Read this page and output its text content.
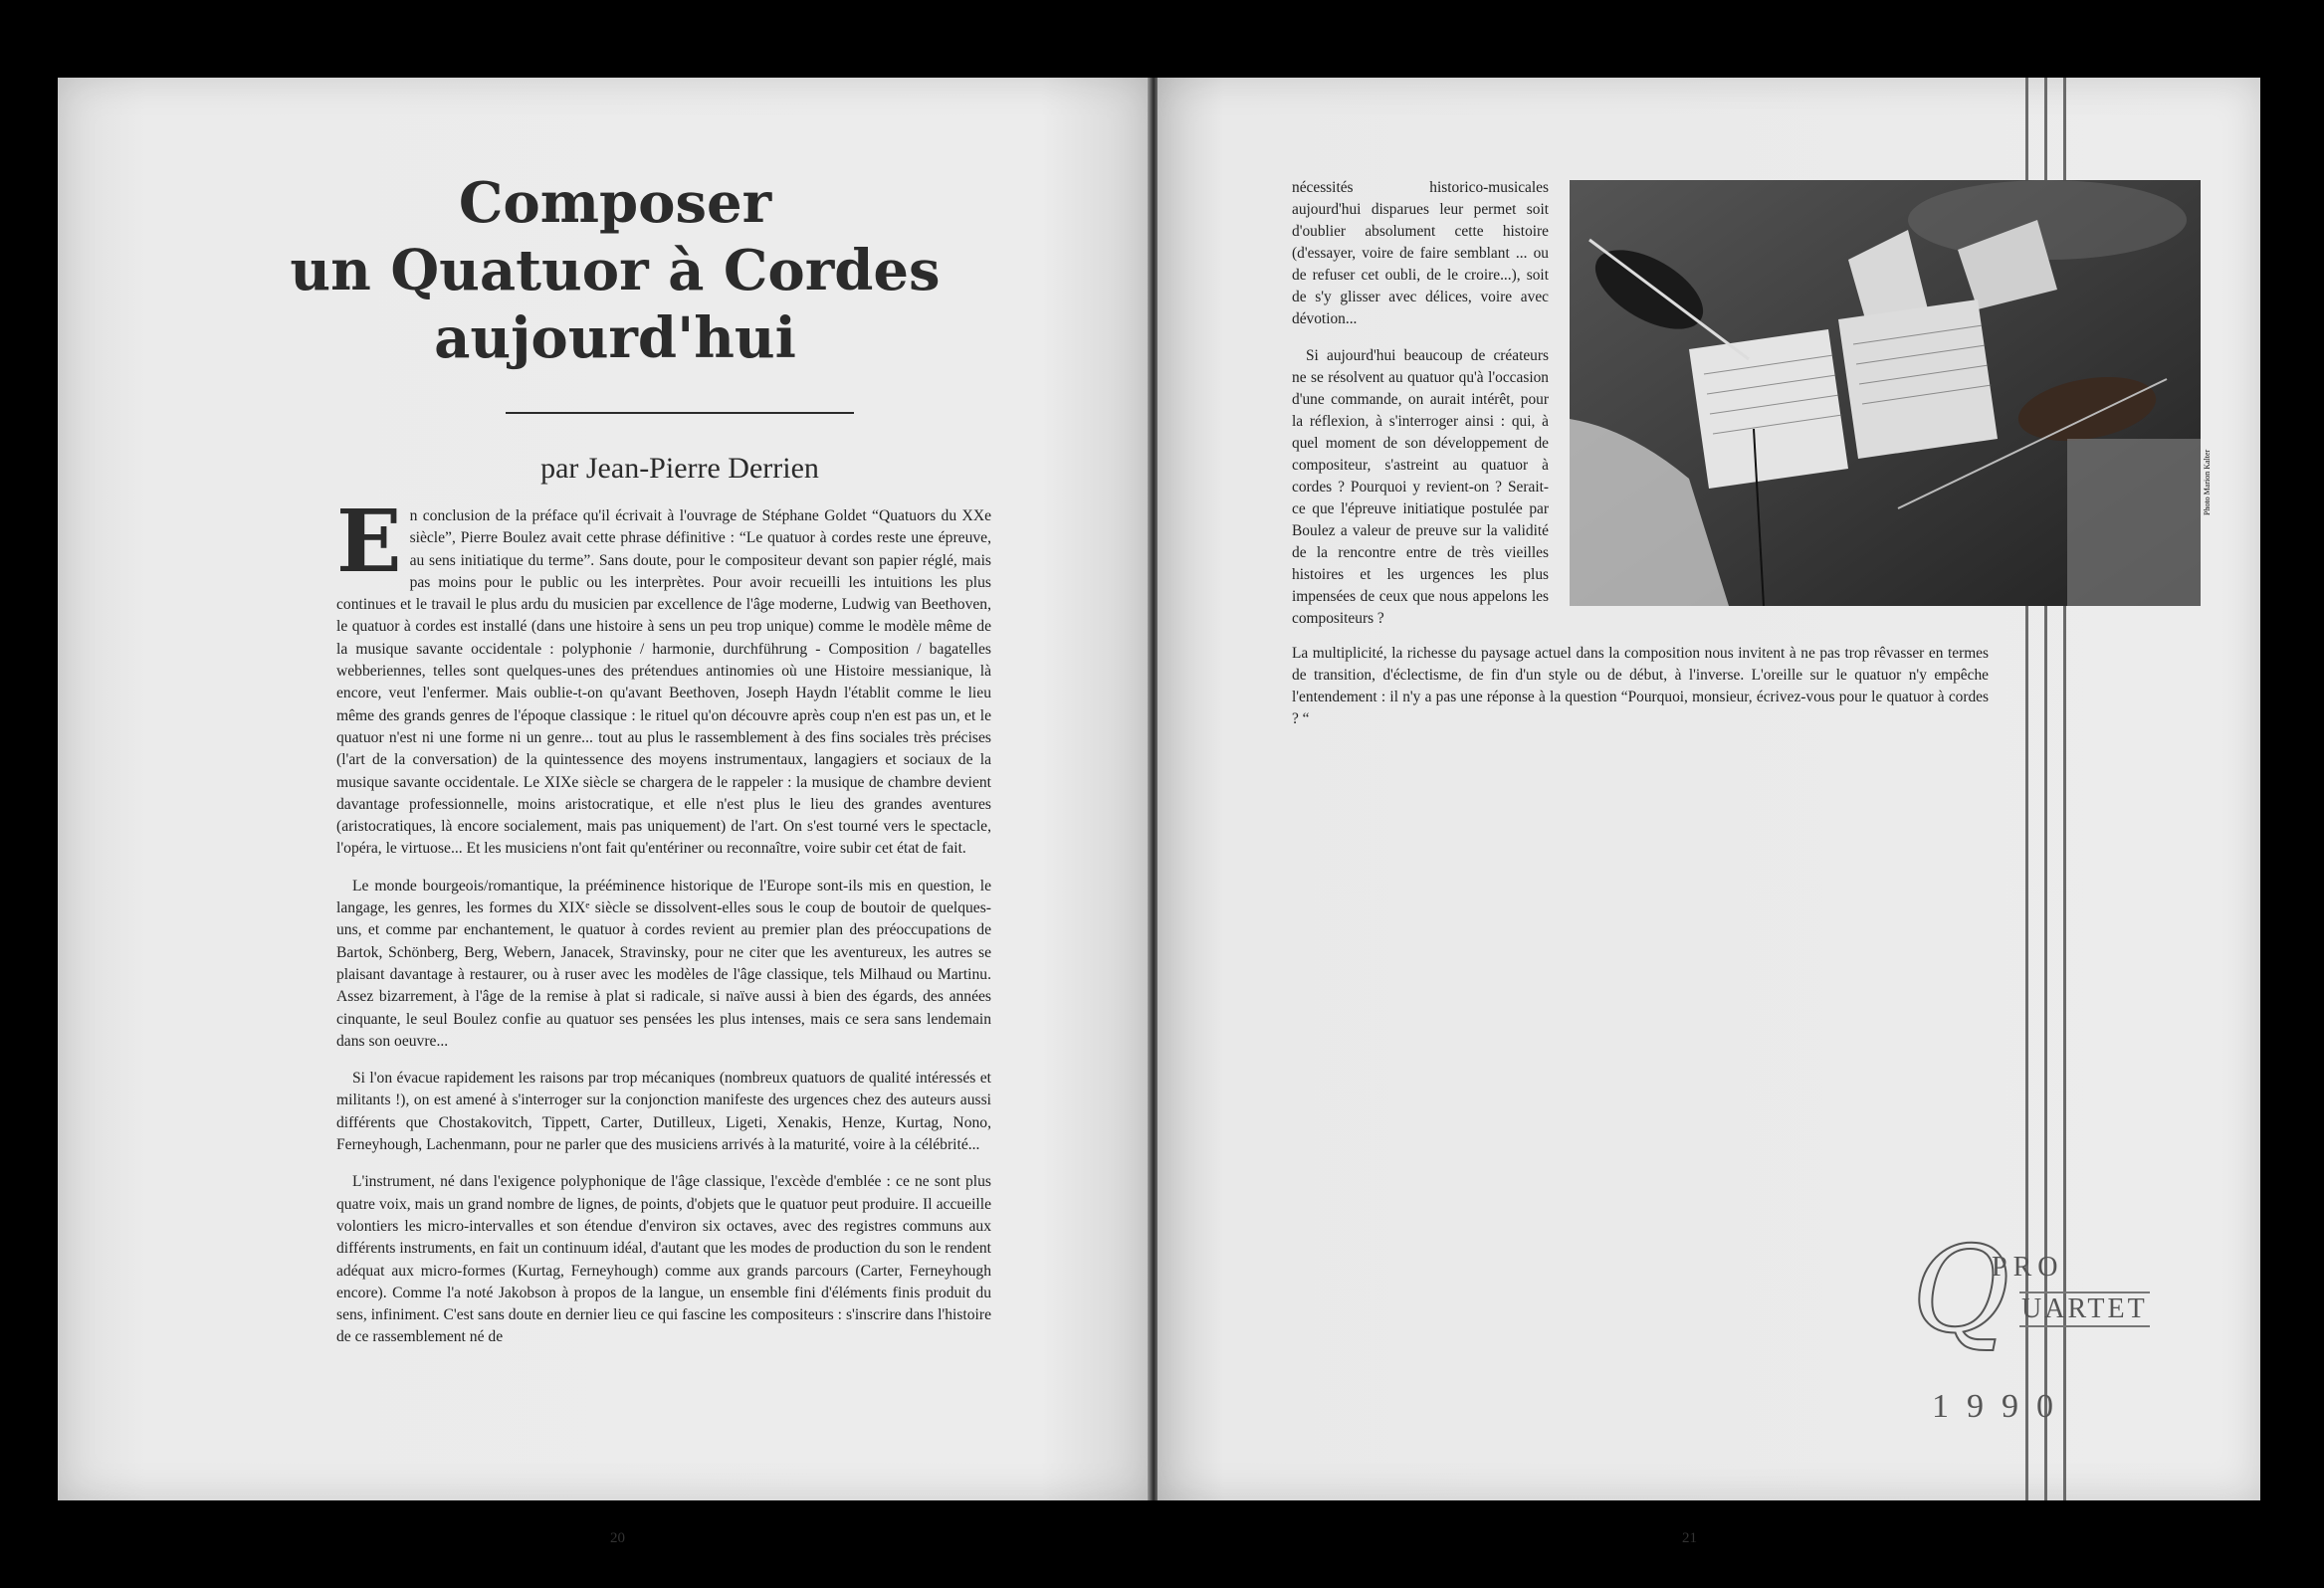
Composer
un Quatuor à Cordes
aujourd'hui
par Jean-Pierre Derrien

En conclusion de la préface qu'il écrivait à l'ouvrage de Stéphane Goldet “Quatuors du XXe siècle”, Pierre Boulez avait cette phrase définitive : “Le quatuor à cordes reste une épreuve, au sens initiatique du terme”. Sans doute, pour le compositeur devant son papier réglé, mais pas moins pour le public ou les interprètes. Pour avoir recueilli les intuitions les plus continues et le travail le plus ardu du musicien par excellence de l'âge moderne, Ludwig van Beethoven, le quatuor à cordes est installé (dans une histoire à sens un peu trop unique) comme le modèle même de la musique savante occidentale : polyphonie / harmonie, durchführung - Composition / bagatelles webberiennes, telles sont quelques-unes des prétendues antinomies où une Histoire messianique, là encore, veut l'enfermer. Mais oublie-t-on qu'avant Beethoven, Joseph Haydn l'établit comme le lieu même des grands genres de l'époque classique : le rituel qu'on découvre après coup n'en est pas un, et le quatuor n'est ni une forme ni un genre... tout au plus le rassemblement à des fins sociales très précises (l'art de la conversation) de la quintessence des moyens instrumentaux, langagiers et sociaux de la musique savante occidentale. Le XIXe siècle se chargera de le rappeler : la musique de chambre devient davantage professionnelle, moins aristocratique, et elle n'est plus le lieu des grandes aventures (aristocratiques, là encore socialement, mais pas uniquement) de l'art. On s'est tourné vers le spectacle, l'opéra, le virtuose... Et les musiciens n'ont fait qu'entériner ou reconnaître, voire subir cet état de fait.

Le monde bourgeois/romantique, la prééminence historique de l'Europe sont-ils mis en question, le langage, les genres, les formes du XIXᵉ siècle se dissolvent-elles sous le coup de boutoir de quelques-uns, et comme par enchantement, le quatuor à cordes revient au premier plan des préoccupations de Bartok, Schönberg, Berg, Webern, Janacek, Stravinsky, pour ne citer que les aventureux, les autres se plaisant davantage à restaurer, ou à ruser avec les modèles de l'âge classique, tels Milhaud ou Martinu. Assez bizarrement, à l'âge de la remise à plat si radicale, si naïve aussi à bien des égards, des années cinquante, le seul Boulez confie au quatuor ses pensées les plus intenses, mais ce sera sans lendemain dans son oeuvre...

Si l'on évacue rapidement les raisons par trop mécaniques (nombreux quatuors de qualité intéressés et militants !), on est amené à s'interroger sur la conjonction manifeste des urgences chez des auteurs aussi différents que Chostakovitch, Tippett, Carter, Dutilleux, Ligeti, Xenakis, Henze, Kurtag, Nono, Ferneyhough, Lachenmann, pour ne parler que des musiciens arrivés à la maturité, voire à la célébrité...

L'instrument, né dans l'exigence polyphonique de l'âge classique, l'excède d'emblée : ce ne sont plus quatre voix, mais un grand nombre de lignes, de points, d'objets que le quatuor peut produire. Il accueille volontiers les micro-intervalles et son étendue d'environ six octaves, avec des registres communs aux différents instruments, en fait un continuum idéal, d'autant que les modes de production du son le rendent adéquat aux micro-formes (Kurtag, Ferneyhough) comme aux grands parcours (Carter, Ferneyhough encore). Comme l'a noté Jakobson à propos de la langue, un ensemble fini d'éléments finis produit du sens, infiniment. C'est sans doute en dernier lieu ce qui fascine les compositeurs : s'inscrire dans l'histoire de ce rassemblement né de

20

nécessités historico-musicales aujourd'hui disparues leur permet soit d'oublier absolument cette histoire (d'essayer, voire de faire semblant ... ou de refuser cet oubli, de le croire...), soit de s'y glisser avec délices, voire avec dévotion...

Si aujourd'hui beaucoup de créateurs ne se résolvent au quatuor qu'à l'occasion d'une commande, on aurait intérêt, pour la réflexion, à s'interroger ainsi : qui, à quel moment de son développement de compositeur, s'astreint au quatuor à cordes ? Pourquoi y revient-on ? Serait-ce que l'épreuve initiatique postulée par Boulez a valeur de preuve sur la validité de la rencontre entre de très vieilles histoires et les urgences les plus impensées de ceux que nous appelons les compositeurs ?

La multiplicité, la richesse du paysage actuel dans la composition nous invitent à ne pas trop rêvasser en termes de transition, d'éclectisme, de fin d'un style ou de début, à l'inverse. L'oreille sur le quatuor n'y empêche l'entendement : il n'y a pas une réponse à la question “Pourquoi, monsieur, écrivez-vous pour le quatuor à cordes ? “
Photo Marion Kalter
Q
PRO
UARTET
1990
21
